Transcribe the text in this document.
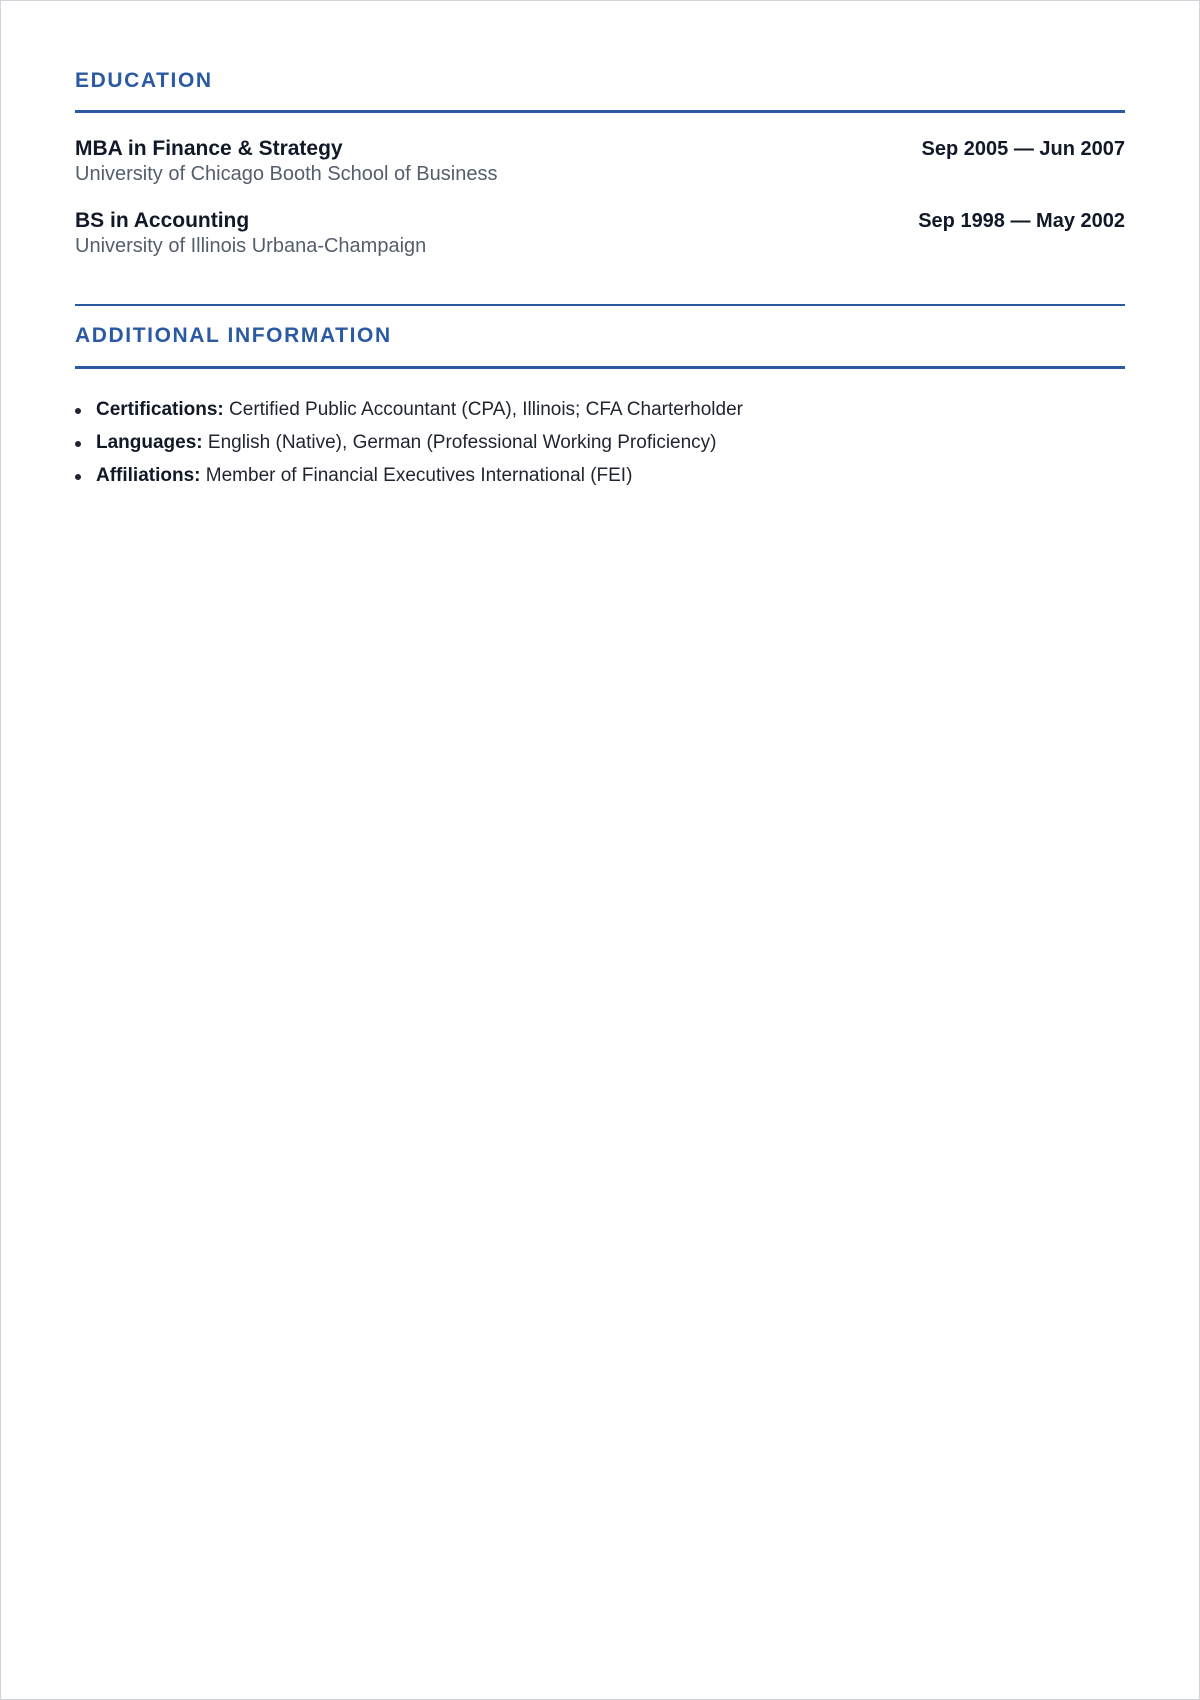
EDUCATION
MBA in Finance & Strategy	Sep 2005 — Jun 2007
University of Chicago Booth School of Business
BS in Accounting	Sep 1998 — May 2002
University of Illinois Urbana-Champaign
ADDITIONAL INFORMATION
Certifications: Certified Public Accountant (CPA), Illinois; CFA Charterholder
Languages: English (Native), German (Professional Working Proficiency)
Affiliations: Member of Financial Executives International (FEI)
